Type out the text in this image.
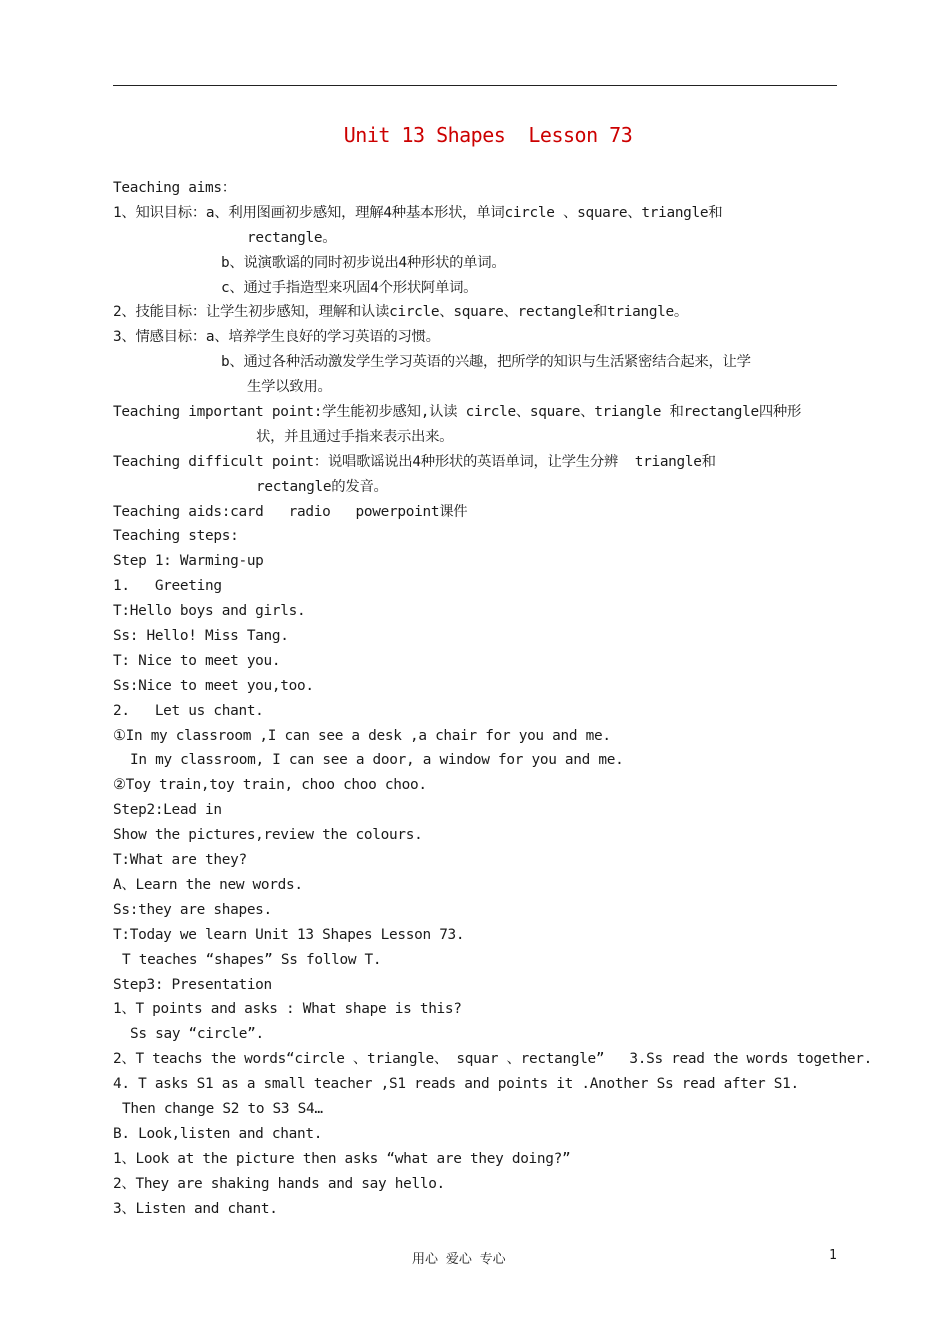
Unit 13 Shapes  Lesson 73
Teaching aims：
1、知识目标：a、利用图画初步感知，理解4种基本形状，单词circle 、square、triangle和
rectangle。
b、说演歌谣的同时初步说出4种形状的单词。
c、通过手指造型来巩固4个形状阿单词。
2、技能目标：让学生初步感知，理解和认读circle、square、rectangle和triangle。
3、情感目标：a、培养学生良好的学习英语的习惯。
b、通过各种活动激发学生学习英语的兴趣，把所学的知识与生活紧密结合起来，让学
生学以致用。
Teaching important point:学生能初步感知,认读 circle、square、triangle 和rectangle四种形
状，并且通过手指来表示出来。
Teaching difficult point：说唱歌谣说出4种形状的英语单词，让学生分辨  triangle和
rectangle的发音。
Teaching aids:card   radio   powerpoint课件
Teaching steps:
Step 1: Warming-up
1.   Greeting
T:Hello boys and girls.
Ss: Hello! Miss Tang.
T: Nice to meet you.
Ss:Nice to meet you,too.
2.   Let us chant.
①In my classroom ,I can see a desk ,a chair for you and me.
In my classroom, I can see a door, a window for you and me.
②Toy train,toy train, choo choo choo.
Step2:Lead in
Show the pictures,review the colours.
T:What are they?
A、Learn the new words.
Ss:they are shapes.
T:Today we learn Unit 13 Shapes Lesson 73.
T teaches “shapes” Ss follow T.
Step3: Presentation
1、T points and asks : What shape is this?
Ss say “circle”.
2、T teachs the words“circle 、triangle、 squar 、rectangle”   3.Ss read the words together.
4. T asks S1 as a small teacher ,S1 reads and points it .Another Ss read after S1.
Then change S2 to S3 S4…
B. Look,listen and chant.
1、Look at the picture then asks “what are they doing?”
2、They are shaking hands and say hello.
3、Listen and chant.
用心 爱心 专心	1
